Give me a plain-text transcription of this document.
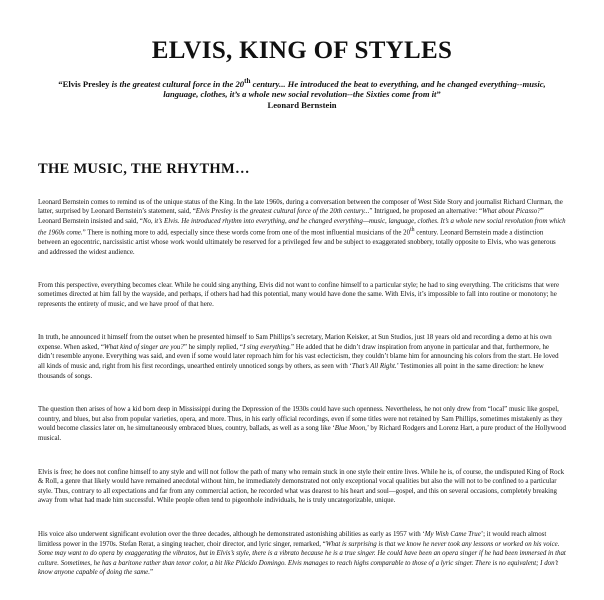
ELVIS, KING OF STYLES

“Elvis Presley is the greatest cultural force in the 20th century... He introduced the beat to everything, and he changed everything--music, language, clothes, it’s a whole new social revolution--the Sixties come from it”
Leonard Bernstein

THE MUSIC, THE RHYTHM…

Leonard Bernstein comes to remind us of the unique status of the King. In the late 1960s, during a conversation between the composer of West Side Story and journalist Richard Clurman, the latter, surprised by Leonard Bernstein’s statement, said, “Elvis Presley is the greatest cultural force of the 20th century...” Intrigued, he proposed an alternative: “What about Picasso?” Leonard Bernstein insisted and said, “No, it’s Elvis. He introduced rhythm into everything, and he changed everything—music, language, clothes. It’s a whole new social revolution from which the 1960s come.” There is nothing more to add, especially since these words come from one of the most influential musicians of the 20th century. Leonard Bernstein made a distinction between an egocentric, narcissistic artist whose work would ultimately be reserved for a privileged few and be subject to exaggerated snobbery, totally opposite to Elvis, who was generous and addressed the widest audience.

From this perspective, everything becomes clear. While he could sing anything, Elvis did not want to confine himself to a particular style; he had to sing everything. The criticisms that were sometimes directed at him fall by the wayside, and perhaps, if others had had this potential, many would have done the same. With Elvis, it’s impossible to fall into routine or monotony; he represents the entirety of music, and we have proof of that here.

In truth, he announced it himself from the outset when he presented himself to Sam Phillips’s secretary, Marion Keisker, at Sun Studios, just 18 years old and recording a demo at his own expense. When asked, “What kind of singer are you?” he simply replied, “I sing everything.” He added that he didn’t draw inspiration from anyone in particular and that, furthermore, he didn’t resemble anyone. Everything was said, and even if some would later reproach him for his vast eclecticism, they couldn’t blame him for announcing his colors from the start. He loved all kinds of music and, right from his first recordings, unearthed entirely unnoticed songs by others, as seen with ‘That’s All Right.’ Testimonies all point in the same direction: he knew thousands of songs.

The question then arises of how a kid born deep in Mississippi during the Depression of the 1930s could have such openness. Nevertheless, he not only drew from “local” music like gospel, country, and blues, but also from popular varieties, opera, and more. Thus, in his early official recordings, even if some titles were not retained by Sam Phillips, sometimes mistakenly as they would become classics later on, he simultaneously embraced blues, country, ballads, as well as a song like ‘Blue Moon,’ by Richard Rodgers and Lorenz Hart, a pure product of the Hollywood musical.

Elvis is free; he does not confine himself to any style and will not follow the path of many who remain stuck in one style their entire lives. While he is, of course, the undisputed King of Rock & Roll, a genre that likely would have remained anecdotal without him, he immediately demonstrated not only exceptional vocal qualities but also the will not to be confined to a particular style. Thus, contrary to all expectations and far from any commercial action, he recorded what was dearest to his heart and soul—gospel, and this on several occasions, completely breaking away from what had made him successful. While people often tend to pigeonhole individuals, he is truly uncategorizable, unique.

His voice also underwent significant evolution over the three decades, although he demonstrated astonishing abilities as early as 1957 with ‘My Wish Came True’; it would reach almost limitless power in the 1970s. Stefan Rerat, a singing teacher, choir director, and lyric singer, remarked, “What is surprising is that we know he never took any lessons or worked on his voice. Some may want to do opera by exaggerating the vibratos, but in Elvis’s style, there is a vibrato because he is a true singer. He could have been an opera singer if he had been immersed in that culture. Sometimes, he has a baritone rather than tenor color, a bit like Plácido Domingo. Elvis manages to reach highs comparable to those of a lyric singer. There is no equivalent; I don’t know anyone capable of doing the same.”
